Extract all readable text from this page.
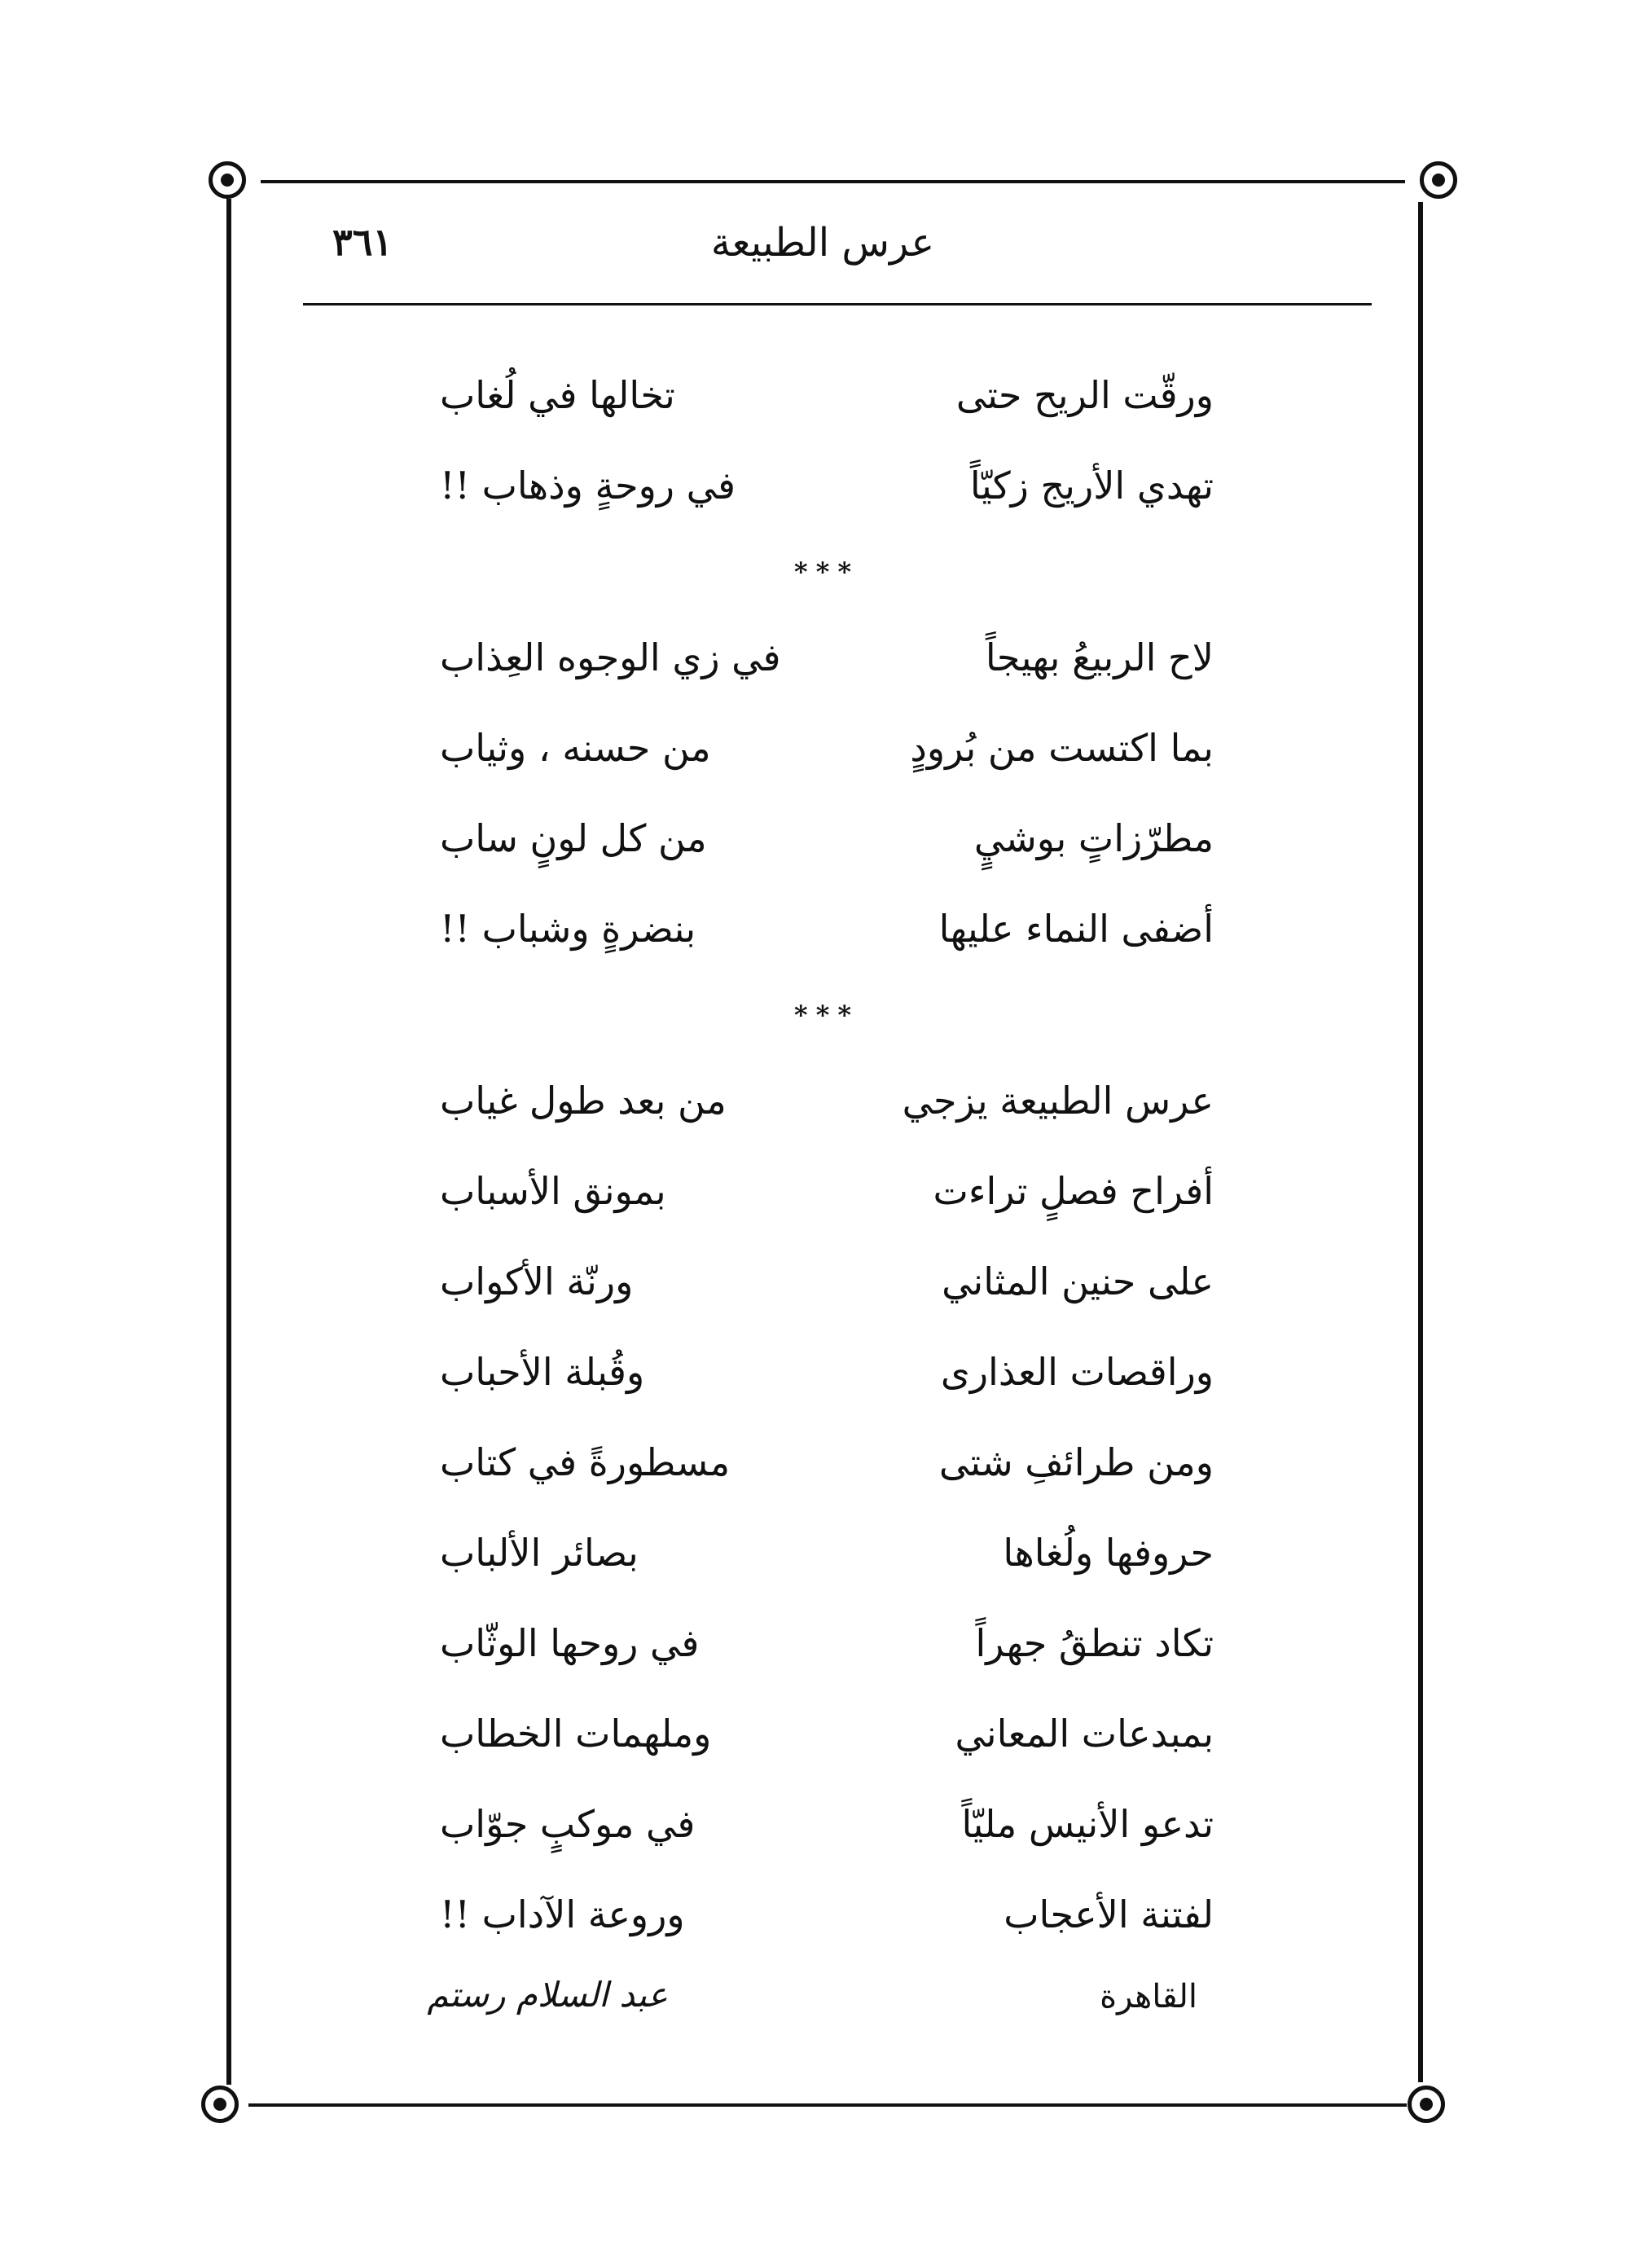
عرس الطبيعة
٣٦١
ورقّت الريح حتى
تخالها في لُغاب
تهدي الأريج زكيّاً
في روحةٍ وذهاب !!
***
لاح الربيعُ بهيجاً
في زي الوجوه العِذاب
بما اكتست من بُرودٍ
من حسنه ، وثياب
مطرّزاتٍ بوشيٍ
من كل لونٍ ساب
أضفى النماء عليها
بنضرةٍ وشباب !!
***
عرس الطبيعة يزجي
من بعد طول غياب
أفراح فصلٍ تراءت
بمونق الأسباب
على حنين المثاني
ورنّة الأكواب
وراقصات العذارى
وقُبلة الأحباب
ومن طرائفِ شتى
مسطورةً في كتاب
حروفها ولُغاها
بصائر الألباب
تكاد تنطقُ جهراً
في روحها الوثّاب
بمبدعات المعاني
وملهمات الخطاب
تدعو الأنيس مليّاً
في موكبٍ جوّاب
لفتنة الأعجاب
وروعة الآداب !!
القاهرة
عبد السلام رستم
